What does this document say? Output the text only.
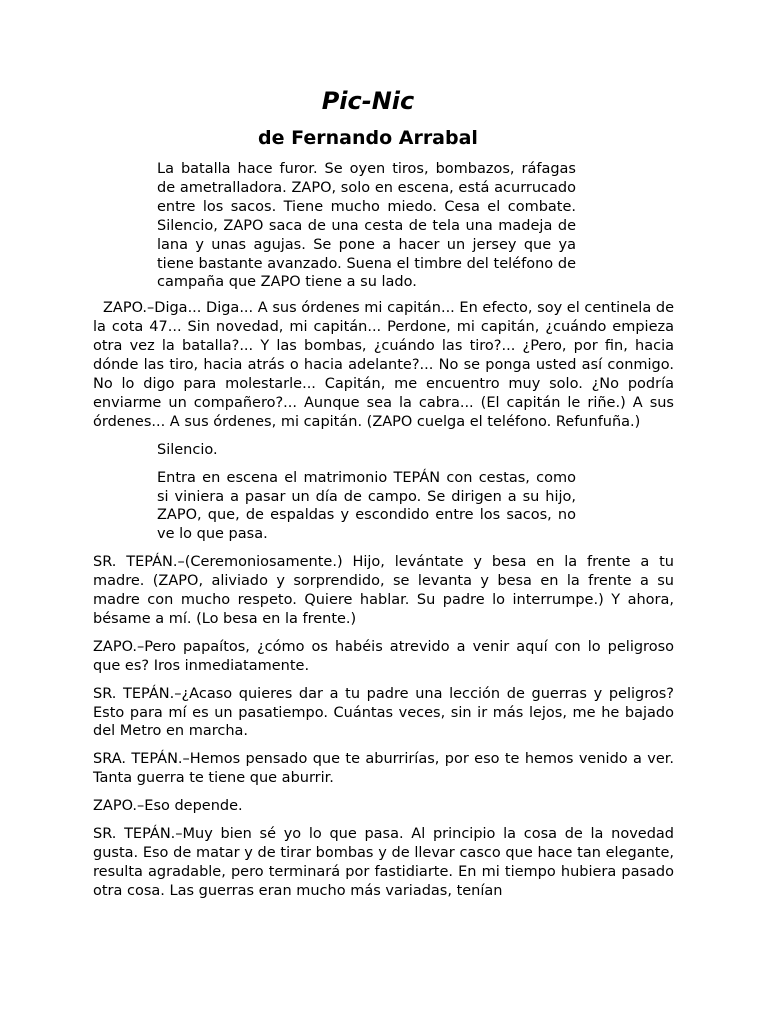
Pic-Nic
de Fernando Arrabal

La batalla hace furor. Se oyen tiros, bombazos, ráfagas de ametralladora. ZAPO, solo en escena, está acurrucado entre los sacos. Tiene mucho miedo. Cesa el combate. Silencio, ZAPO saca de una cesta de tela una madeja de lana y unas agujas. Se pone a hacer un jersey que ya tiene bastante avanzado. Suena el timbre del teléfono de campaña que ZAPO tiene a su lado.

ZAPO.–Diga... Diga... A sus órdenes mi capitán... En efecto, soy el centinela de la cota 47... Sin novedad, mi capitán... Perdone, mi capitán, ¿cuándo empieza otra vez la batalla?... Y las bombas, ¿cuándo las tiro?... ¿Pero, por fin, hacia dónde las tiro, hacia atrás o hacia adelante?... No se ponga usted así conmigo. No lo digo para molestarle... Capitán, me encuentro muy solo. ¿No podría enviarme un compañero?... Aunque sea la cabra... (El capitán le riñe.) A sus órdenes... A sus órdenes, mi capitán. (ZAPO cuelga el teléfono. Refunfuña.)

Silencio.

Entra en escena el matrimonio TEPÁN con cestas, como si viniera a pasar un día de campo. Se dirigen a su hijo, ZAPO, que, de espaldas y escondido entre los sacos, no ve lo que pasa.

SR. TEPÁN.–(Ceremoniosamente.) Hijo, levántate y besa en la frente a tu madre. (ZAPO, aliviado y sorprendido, se levanta y besa en la frente a su madre con mucho respeto. Quiere hablar. Su padre lo interrumpe.) Y ahora, bésame a mí. (Lo besa en la frente.)

ZAPO.–Pero papaítos, ¿cómo os habéis atrevido a venir aquí con lo peligroso que es? Iros inmediatamente.

SR. TEPÁN.–¿Acaso quieres dar a tu padre una lección de guerras y peligros? Esto para mí es un pasatiempo. Cuántas veces, sin ir más lejos, me he bajado del Metro en marcha.

SRA. TEPÁN.–Hemos pensado que te aburrirías, por eso te hemos venido a ver. Tanta guerra te tiene que aburrir.

ZAPO.–Eso depende.

SR. TEPÁN.–Muy bien sé yo lo que pasa. Al principio la cosa de la novedad gusta. Eso de matar y de tirar bombas y de llevar casco que hace tan elegante, resulta agradable, pero terminará por fastidiarte. En mi tiempo hubiera pasado otra cosa. Las guerras eran mucho más variadas, tenían
